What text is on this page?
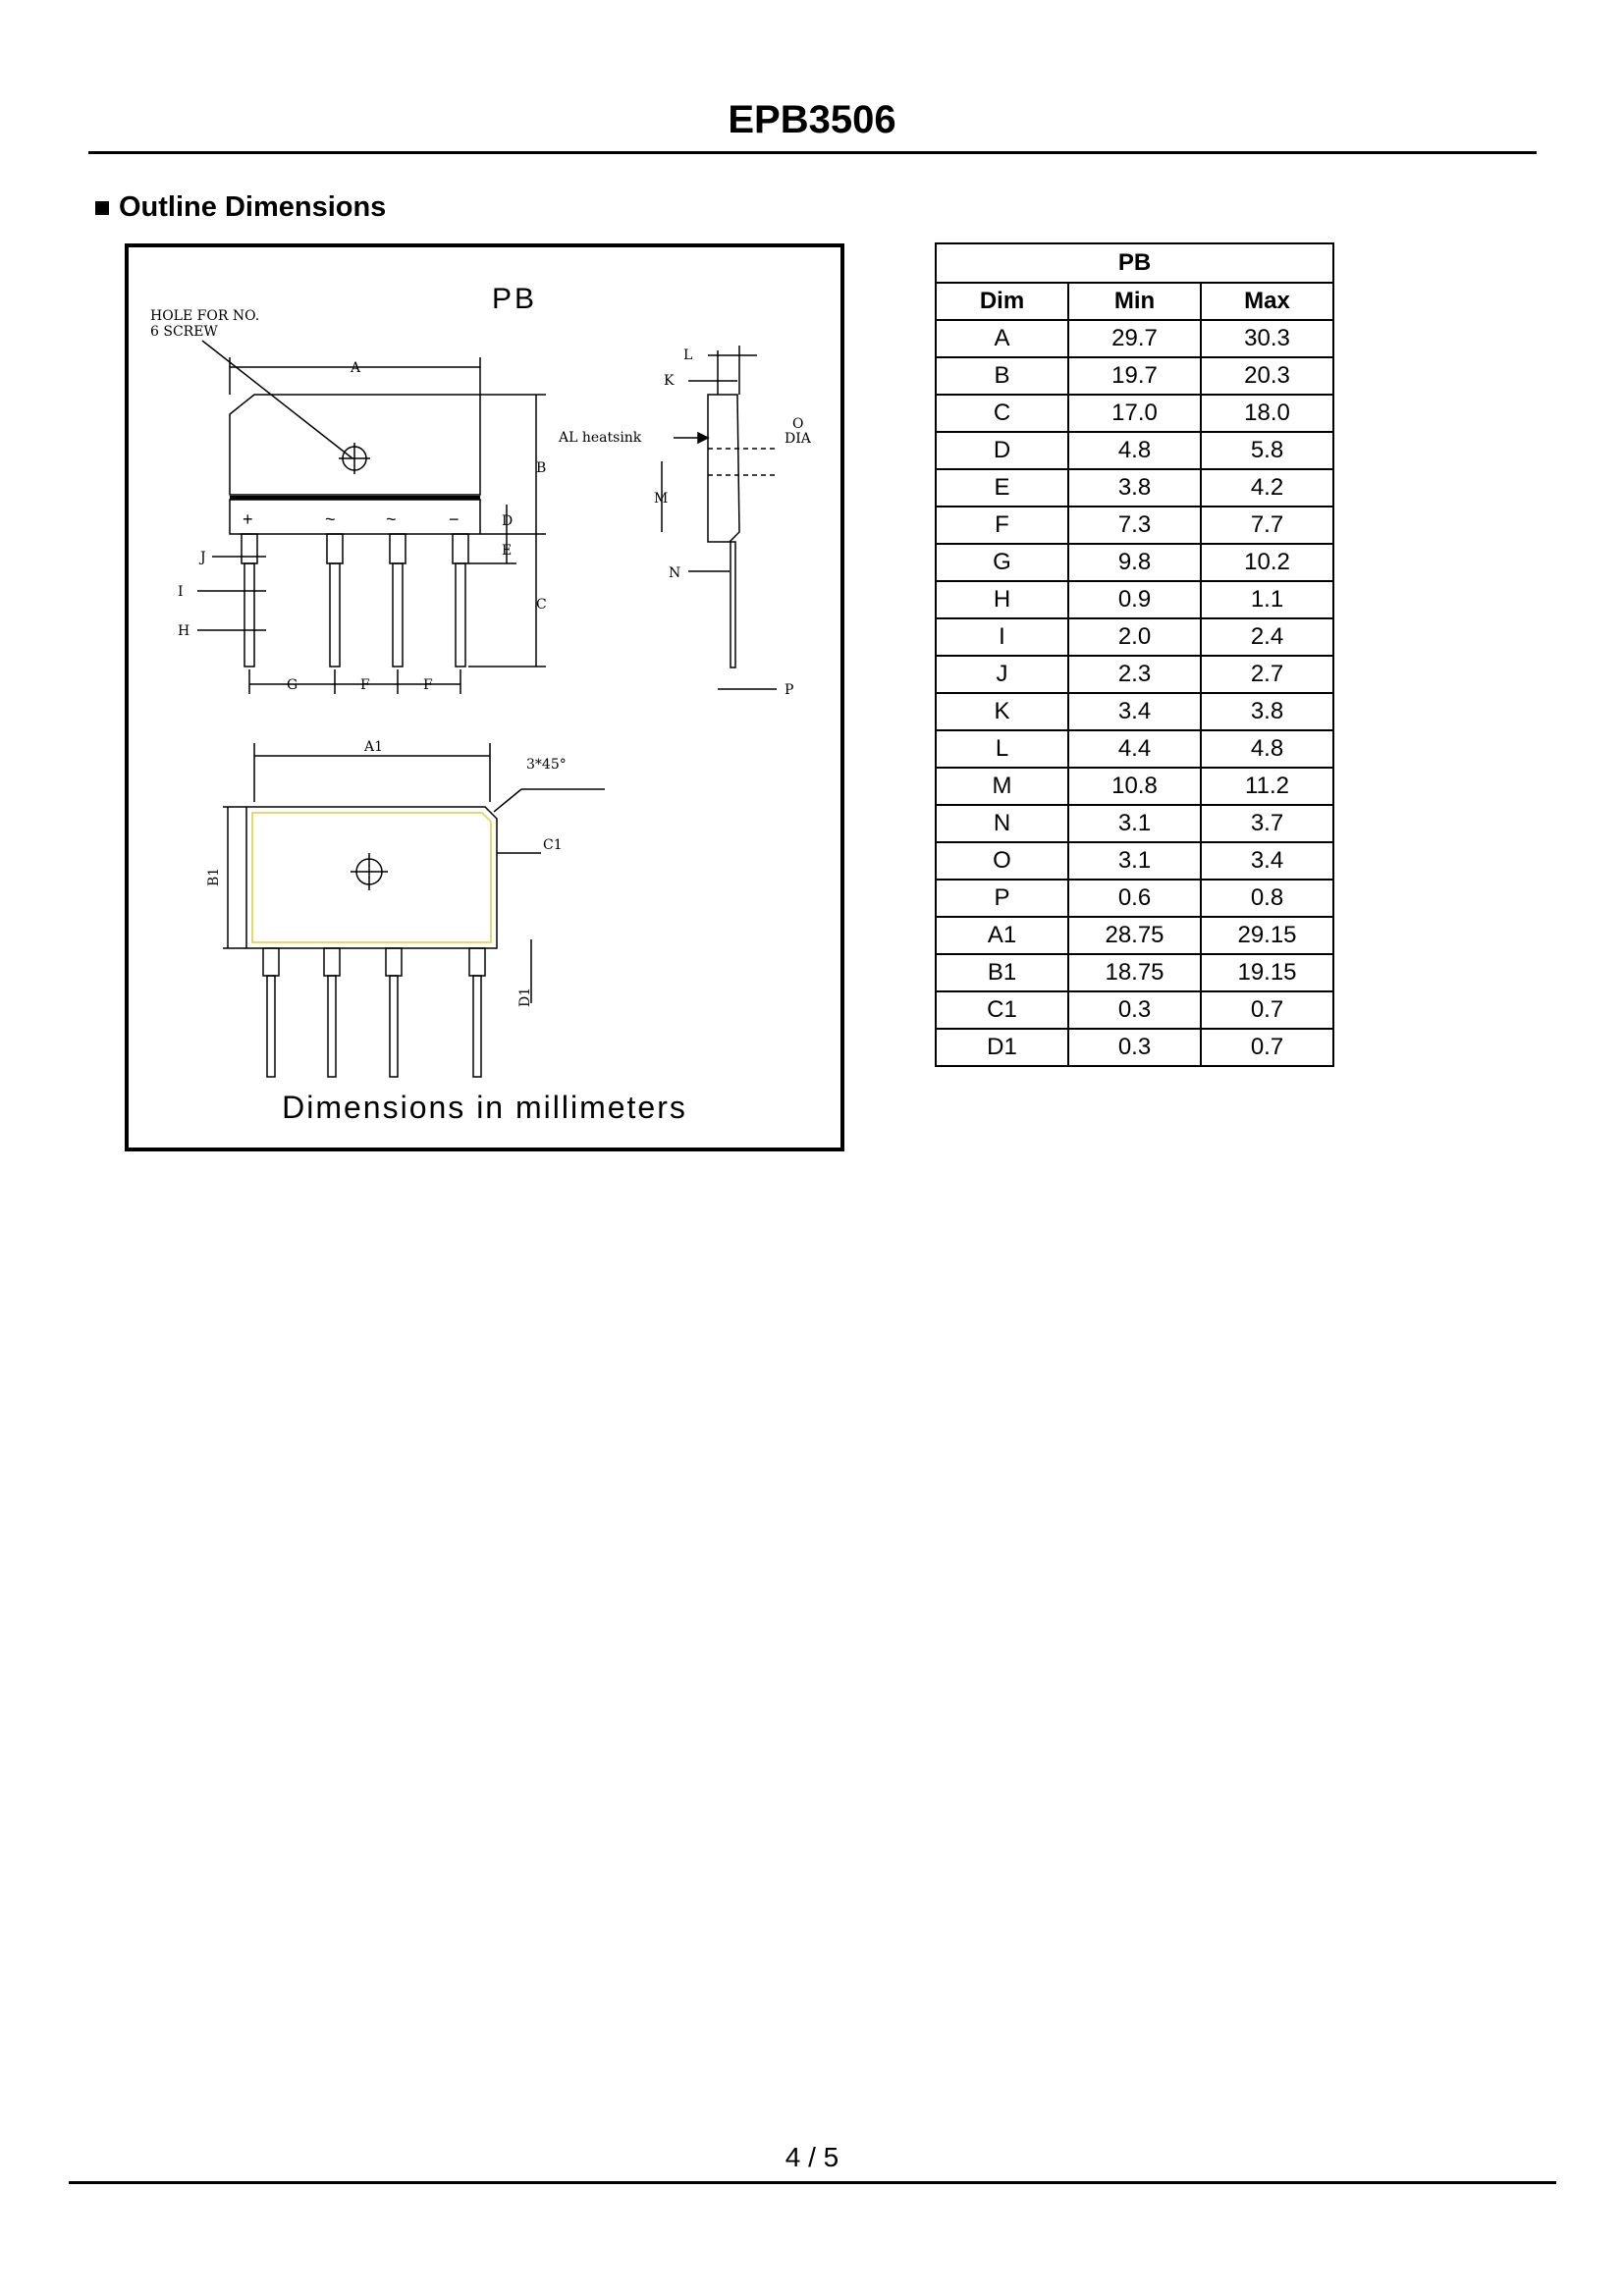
EPB3506
Outline Dimensions
HOLE FOR NO.
6 SCREW
A
+	~	~	−
B
C
D
E
G	F	F
J
I
H
L
K
AL heatsink
O
DIA
M
N
P
A1
3*45°
C1
B1
D1
PB
Dimensions in millimeters
	PB	
Dim	Min	Max
A	29.7	30.3
B	19.7	20.3
C	17.0	18.0
D	4.8	5.8
E	3.8	4.2
F	7.3	7.7
G	9.8	10.2
H	0.9	1.1
I	2.0	2.4
J	2.3	2.7
K	3.4	3.8
L	4.4	4.8
M	10.8	11.2
N	3.1	3.7
O	3.1	3.4
P	0.6	0.8
A1	28.75	29.15
B1	18.75	19.15
C1	0.3	0.7
D1	0.3	0.7
4 / 5
